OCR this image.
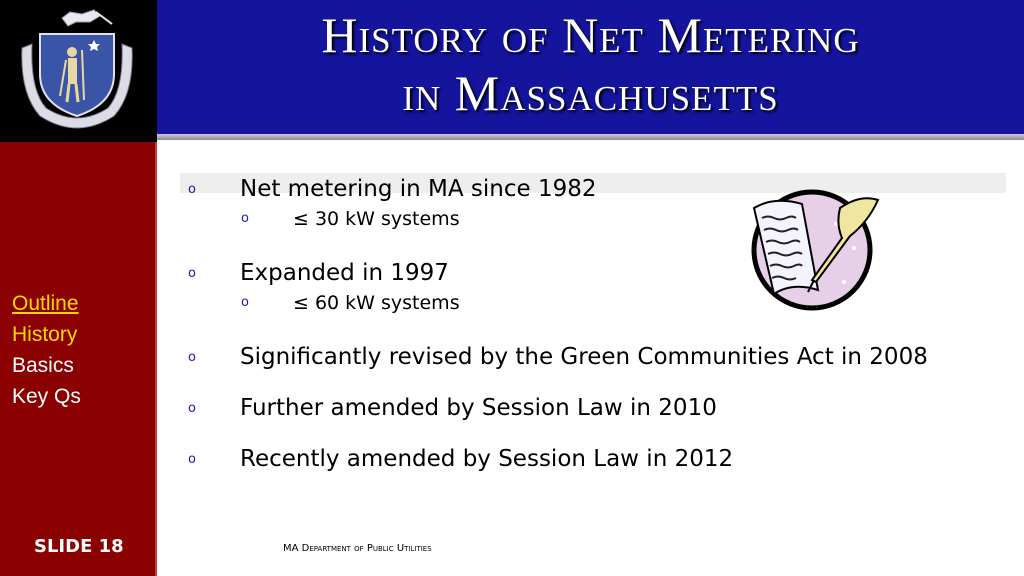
History of Net Metering
in Massachusetts
Outline
History
Basics
Key Qs
SLIDE 18
o Net metering in MA since 1982
o ≤ 30 kW systems
o Expanded in 1997
o ≤ 60 kW systems
o Significantly revised by the Green Communities Act in 2008
o Further amended by Session Law in 2010
o Recently amended by Session Law in 2012
MA Department of Public Utilities
